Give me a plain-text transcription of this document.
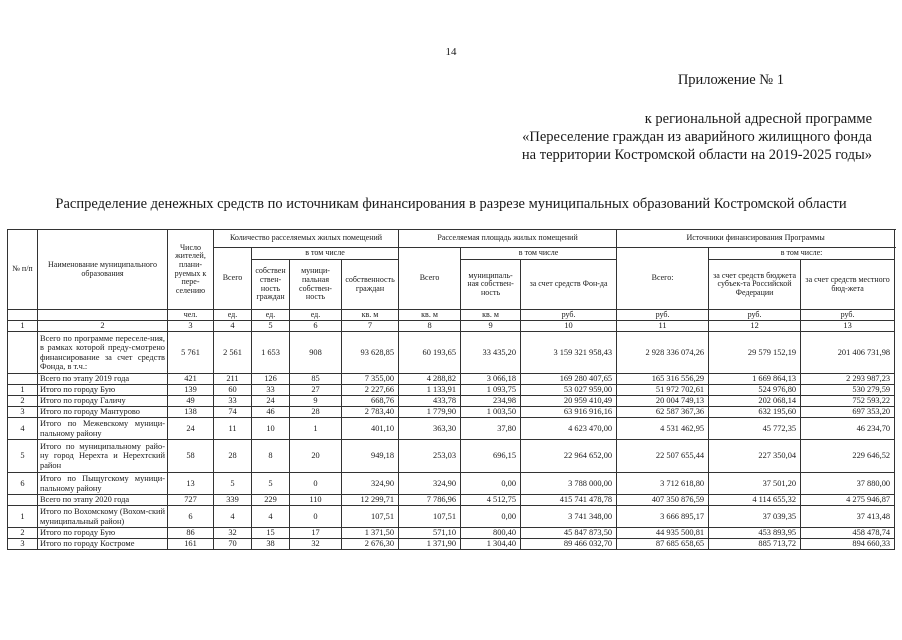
14
Приложение № 1
к региональной адресной программе
«Переселение граждан из аварийного жилищного фонда
на территории Костромской области на 2019-2025 годы»
Распределение денежных средств по источникам финансирования в разрезе муниципальных образований Костромской области
№ п/п	Наименование муниципального образования	Число жителей, плани-руемых к пере-селению	Количество расселяемых жилых помещений				Расселяемая площадь жилых помещений			Источники финансирования Программы		
			Всего	в том числе			Всего	в том числе		Всего:	в том числе:	
				собствен ствен-ность граждан	муници-пальная собствен-ность	собственность граждан		муниципаль-ная собствен-ность	за счет средств Фон-да		за счет средств бюджета субъек-та Российской Федерации	за счет средств местного бюд-жета
		чел.	ед.	ед.	ед.	кв. м	кв. м	кв. м	руб.	руб.	руб.	руб.
1	2	3	4	5	6	7	8	9	10	11	12	13
	Всего по программе переселе-ния, в рамках которой преду-смотрено финансирование за счет средств Фонда, в т.ч.:	5 761	2 561	1 653	908	93 628,85	60 193,65	33 435,20	3 159 321 958,43	2 928 336 074,26	29 579 152,19	201 406 731,98
	Всего по этапу 2019 года	421	211	126	85	7 355,00	4 288,82	3 066,18	169 280 407,65	165 316 556,29	1 669 864,13	2 293 987,23
1	Итого по городу Бую	139	60	33	27	2 227,66	1 133,91	1 093,75	53 027 959,00	51 972 702,61	524 976,80	530 279,59
2	Итого по городу Галичу	49	33	24	9	668,76	433,78	234,98	20 959 410,49	20 004 749,13	202 068,14	752 593,22
3	Итого по городу Мантурово	138	74	46	28	2 783,40	1 779,90	1 003,50	63 916 916,16	62 587 367,36	632 195,60	697 353,20
4	Итого по Межевскому муници-пальному району	24	11	10	1	401,10	363,30	37,80	4 623 470,00	4 531 462,95	45 772,35	46 234,70
5	Итого по муниципальному райо-ну город Нерехта и Нерехтский район	58	28	8	20	949,18	253,03	696,15	22 964 652,00	22 507 655,44	227 350,04	229 646,52
6	Итого по Пыщугскому муници-пальному району	13	5	5	0	324,90	324,90	0,00	3 788 000,00	3 712 618,80	37 501,20	37 880,00
	Всего по этапу 2020 года	727	339	229	110	12 299,71	7 786,96	4 512,75	415 741 478,78	407 350 876,59	4 114 655,32	4 275 946,87
1	Итого по Вохомскому (Вохом-ский муниципальный район)	6	4	4	0	107,51	107,51	0,00	3 741 348,00	3 666 895,17	37 039,35	37 413,48
2	Итого по городу Бую	86	32	15	17	1 371,50	571,10	800,40	45 847 873,50	44 935 500,81	453 893,95	458 478,74
3	Итого по городу Костроме	161	70	38	32	2 676,30	1 371,90	1 304,40	89 466 032,70	87 685 658,65	885 713,72	894 660,33
